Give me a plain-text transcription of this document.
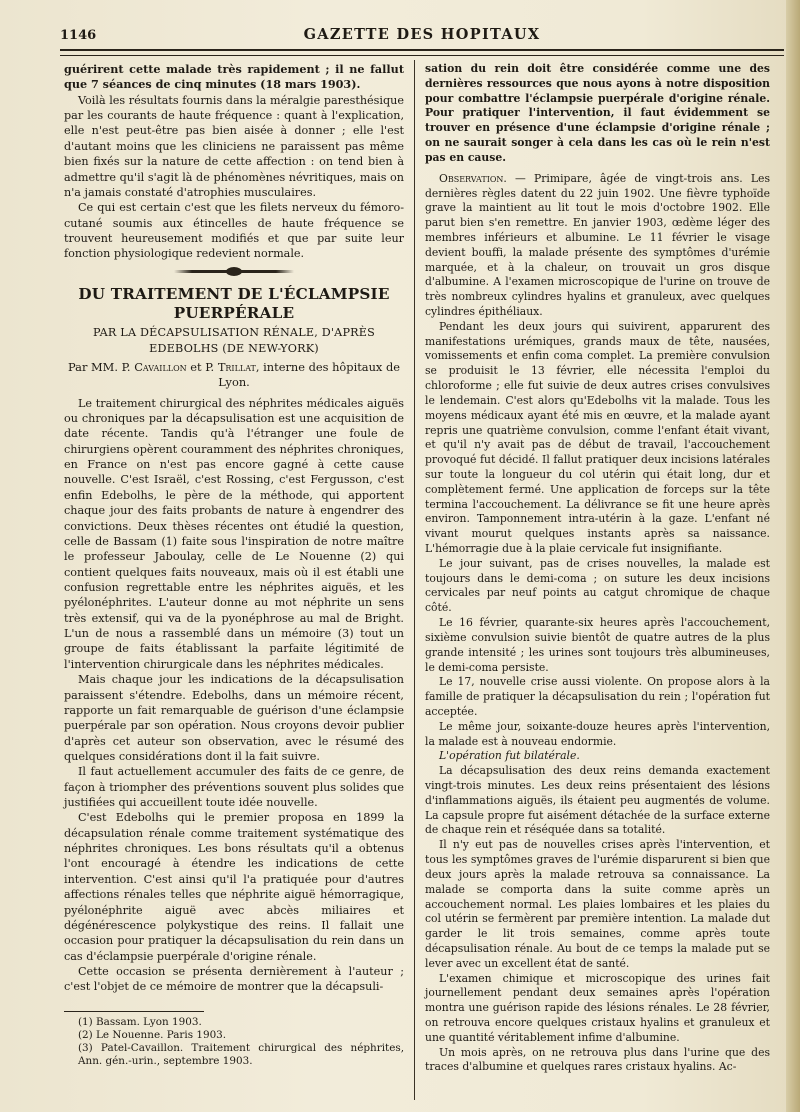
1146	GAZETTE DES HOPITAUX

guérirent cette malade très rapidement ; il ne fallut que 7 séances de cinq minutes (18 mars 1903).

Voilà les résultats fournis dans la méralgie paresthésique par les courants de haute fréquence : quant à l'explication, elle n'est peut-être pas bien aisée à donner ; elle l'est d'autant moins que les cliniciens ne paraissent pas même bien fixés sur la nature de cette affection : on tend bien à admettre qu'il s'agit là de phénomènes névritiques, mais on n'a jamais constaté d'atrophies musculaires.

Ce qui est certain c'est que les filets nerveux du fémoro-cutané soumis aux étincelles de haute fréquence se trouvent heureusement modifiés et que par suite leur fonction physiologique redevient normale.

DU TRAITEMENT DE L'ÉCLAMPSIE PUERPÉRALE
PAR LA DÉCAPSULISATION RÉNALE, D'APRÈS EDEBOLHS (DE NEW-YORK)
Par MM. P. Cavaillon et P. Trillat, interne des hôpitaux de Lyon.

Le traitement chirurgical des néphrites médicales aiguës ou chroniques par la décapsulisation est une acquisition de date récente. Tandis qu'à l'étranger une foule de chirurgiens opèrent couramment des néphrites chroniques, en France on n'est pas encore gagné à cette cause nouvelle. C'est Israël, c'est Rossing, c'est Fergusson, c'est enfin Edebolhs, le père de la méthode, qui apportent chaque jour des faits probants de nature à engendrer des convictions. Deux thèses récentes ont étudié la question, celle de Bassam (1) faite sous l'inspiration de notre maître le professeur Jaboulay, celle de Le Nouenne (2) qui contient quelques faits nouveaux, mais où il est établi une confusion regrettable entre les néphrites aiguës, et les pyélonéphrites. L'auteur donne au mot néphrite un sens très extensif, qui va de la pyonéphrose au mal de Bright. L'un de nous a rassemblé dans un mémoire (3) tout un groupe de faits établissant la parfaite légitimité de l'intervention chirurgicale dans les néphrites médicales.

Mais chaque jour les indications de la décapsulisation paraissent s'étendre. Edebolhs, dans un mémoire récent, rapporte un fait remarquable de guérison d'une éclampsie puerpérale par son opération. Nous croyons devoir publier d'après cet auteur son observation, avec le résumé des quelques considérations dont il la fait suivre.

Il faut actuellement accumuler des faits de ce genre, de façon à triompher des préventions souvent plus solides que justifiées qui accueillent toute idée nouvelle.

C'est Edebolhs qui le premier proposa en 1899 la décapsulation rénale comme traitement systématique des néphrites chroniques. Les bons résultats qu'il a obtenus l'ont encouragé à étendre les indications de cette intervention. C'est ainsi qu'il l'a pratiquée pour d'autres affections rénales telles que néphrite aiguë hémorragique, pyélonéphrite aiguë avec abcès miliaires et dégénérescence polykystique des reins. Il fallait une occasion pour pratiquer la décapsulisation du rein dans un cas d'éclampsie puerpérale d'origine rénale.

Cette occasion se présenta dernièrement à l'auteur ; c'est l'objet de ce mémoire de montrer que la décapsuli-

(1) Bassam. Lyon 1903.
(2) Le Nouenne. Paris 1903.
(3) Patel-Cavaillon. Traitement chirurgical des néphrites, Ann. gén.-urin., septembre 1903.

sation du rein doit être considérée comme une des dernières ressources que nous ayons à notre disposition pour combattre l'éclampsie puerpérale d'origine rénale. Pour pratiquer l'intervention, il faut évidemment se trouver en présence d'une éclampsie d'origine rénale ; on ne saurait songer à cela dans les cas où le rein n'est pas en cause.

Observation. — Primipare, âgée de vingt-trois ans. Les dernières règles datent du 22 juin 1902. Une fièvre typhoïde grave la maintient au lit tout le mois d'octobre 1902. Elle parut bien s'en remettre. En janvier 1903, œdème léger des membres inférieurs et albumine. Le 11 février le visage devient bouffi, la malade présente des symptômes d'urémie marquée, et à la chaleur, on trouvait un gros disque d'albumine. A l'examen microscopique de l'urine on trouve de très nombreux cylindres hyalins et granuleux, avec quelques cylindres épithéliaux.

Pendant les deux jours qui suivirent, apparurent des manifestations urémiques, grands maux de tête, nausées, vomissements et enfin coma complet. La première convulsion se produisit le 13 février, elle nécessita l'emploi du chloroforme ; elle fut suivie de deux autres crises convulsives le lendemain. C'est alors qu'Edebolhs vit la malade. Tous les moyens médicaux ayant été mis en œuvre, et la malade ayant repris une quatrième convulsion, comme l'enfant était vivant, et qu'il n'y avait pas de début de travail, l'accouchement provoqué fut décidé. Il fallut pratiquer deux incisions latérales sur toute la longueur du col utérin qui était long, dur et complètement fermé. Une application de forceps sur la tête termina l'accouchement. La délivrance se fit une heure après environ. Tamponnement intra-utérin à la gaze. L'enfant né vivant mourut quelques instants après sa naissance. L'hémorragie due à la plaie cervicale fut insignifiante.

Le jour suivant, pas de crises nouvelles, la malade est toujours dans le demi-coma ; on suture les deux incisions cervicales par neuf points au catgut chromique de chaque côté.

Le 16 février, quarante-six heures après l'accouchement, sixième convulsion suivie bientôt de quatre autres de la plus grande intensité ; les urines sont toujours très albumineuses, le demi-coma persiste.

Le 17, nouvelle crise aussi violente. On propose alors à la famille de pratiquer la décapsulisation du rein ; l'opération fut acceptée.

Le même jour, soixante-douze heures après l'intervention, la malade est à nouveau endormie.

L'opération fut bilatérale.

La décapsulisation des deux reins demanda exactement vingt-trois minutes. Les deux reins présentaient des lésions d'inflammations aiguës, ils étaient peu augmentés de volume. La capsule propre fut aisément détachée de la surface externe de chaque rein et réséquée dans sa totalité.

Il n'y eut pas de nouvelles crises après l'intervention, et tous les symptômes graves de l'urémie disparurent si bien que deux jours après la malade retrouva sa connaissance. La malade se comporta dans la suite comme après un accouchement normal. Les plaies lombaires et les plaies du col utérin se fermèrent par première intention. La malade dut garder le lit trois semaines, comme après toute décapsulisation rénale. Au bout de ce temps la malade put se lever avec un excellent état de santé.

L'examen chimique et microscopique des urines fait journellement pendant deux semaines après l'opération montra une guérison rapide des lésions rénales. Le 28 février, on retrouva encore quelques cristaux hyalins et granuleux et une quantité véritablement infime d'albumine.

Un mois après, on ne retrouva plus dans l'urine que des traces d'albumine et quelques rares cristaux hyalins. Ac-
